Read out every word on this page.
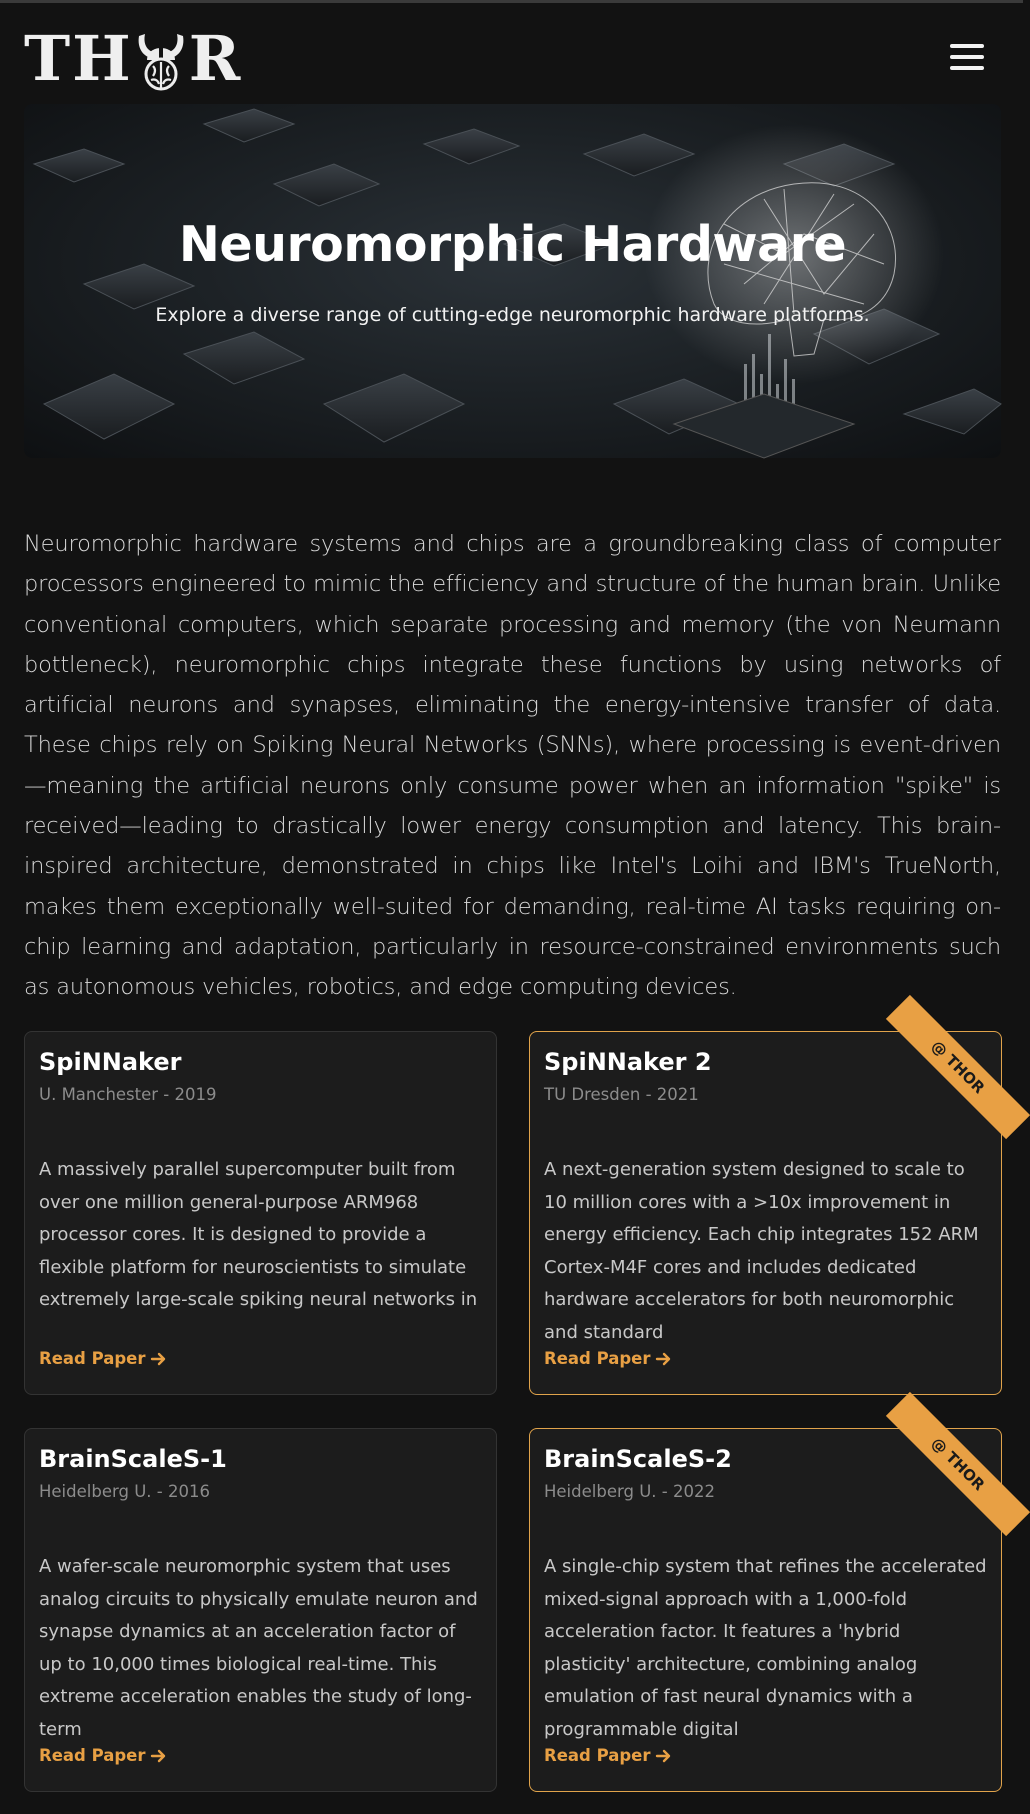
T H R
Neuromorphic Hardware
Explore a diverse range of cutting-edge neuromorphic hardware platforms.
Neuromorphic hardware systems and chips are a groundbreaking class of computer processors engineered to mimic the efficiency and structure of the human brain. Unlike conventional computers, which separate processing and memory (the von Neumann bottleneck), neuromorphic chips integrate these functions by using networks of artificial neurons and synapses, eliminating the energy-intensive transfer of data. These chips rely on Spiking Neural Networks (SNNs), where processing is event-driven—meaning the artificial neurons only consume power when an information "spike" is received—leading to drastically lower energy consumption and latency. This brain-inspired architecture, demonstrated in chips like Intel's Loihi and IBM's TrueNorth, makes them exceptionally well-suited for demanding, real-time AI tasks requiring on-chip learning and adaptation, particularly in resource-constrained environments such as autonomous vehicles, robotics, and edge computing devices.
SpiNNaker
U. Manchester - 2019
A massively parallel supercomputer built from over one million general-purpose ARM968 processor cores. It is designed to provide a flexible platform for neuroscientists to simulate extremely large-scale spiking neural networks in
Read Paper
@ THOR
SpiNNaker 2
TU Dresden - 2021
A next-generation system designed to scale to 10 million cores with a >10x improvement in energy efficiency. Each chip integrates 152 ARM Cortex-M4F cores and includes dedicated hardware accelerators for both neuromorphic and standard
Read Paper
BrainScaleS-1
Heidelberg U. - 2016
A wafer-scale neuromorphic system that uses analog circuits to physically emulate neuron and synapse dynamics at an acceleration factor of up to 10,000 times biological real-time. This extreme acceleration enables the study of long-term
Read Paper
@ THOR
BrainScaleS-2
Heidelberg U. - 2022
A single-chip system that refines the accelerated mixed-signal approach with a 1,000-fold acceleration factor. It features a 'hybrid plasticity' architecture, combining analog emulation of fast neural dynamics with a programmable digital
Read Paper
